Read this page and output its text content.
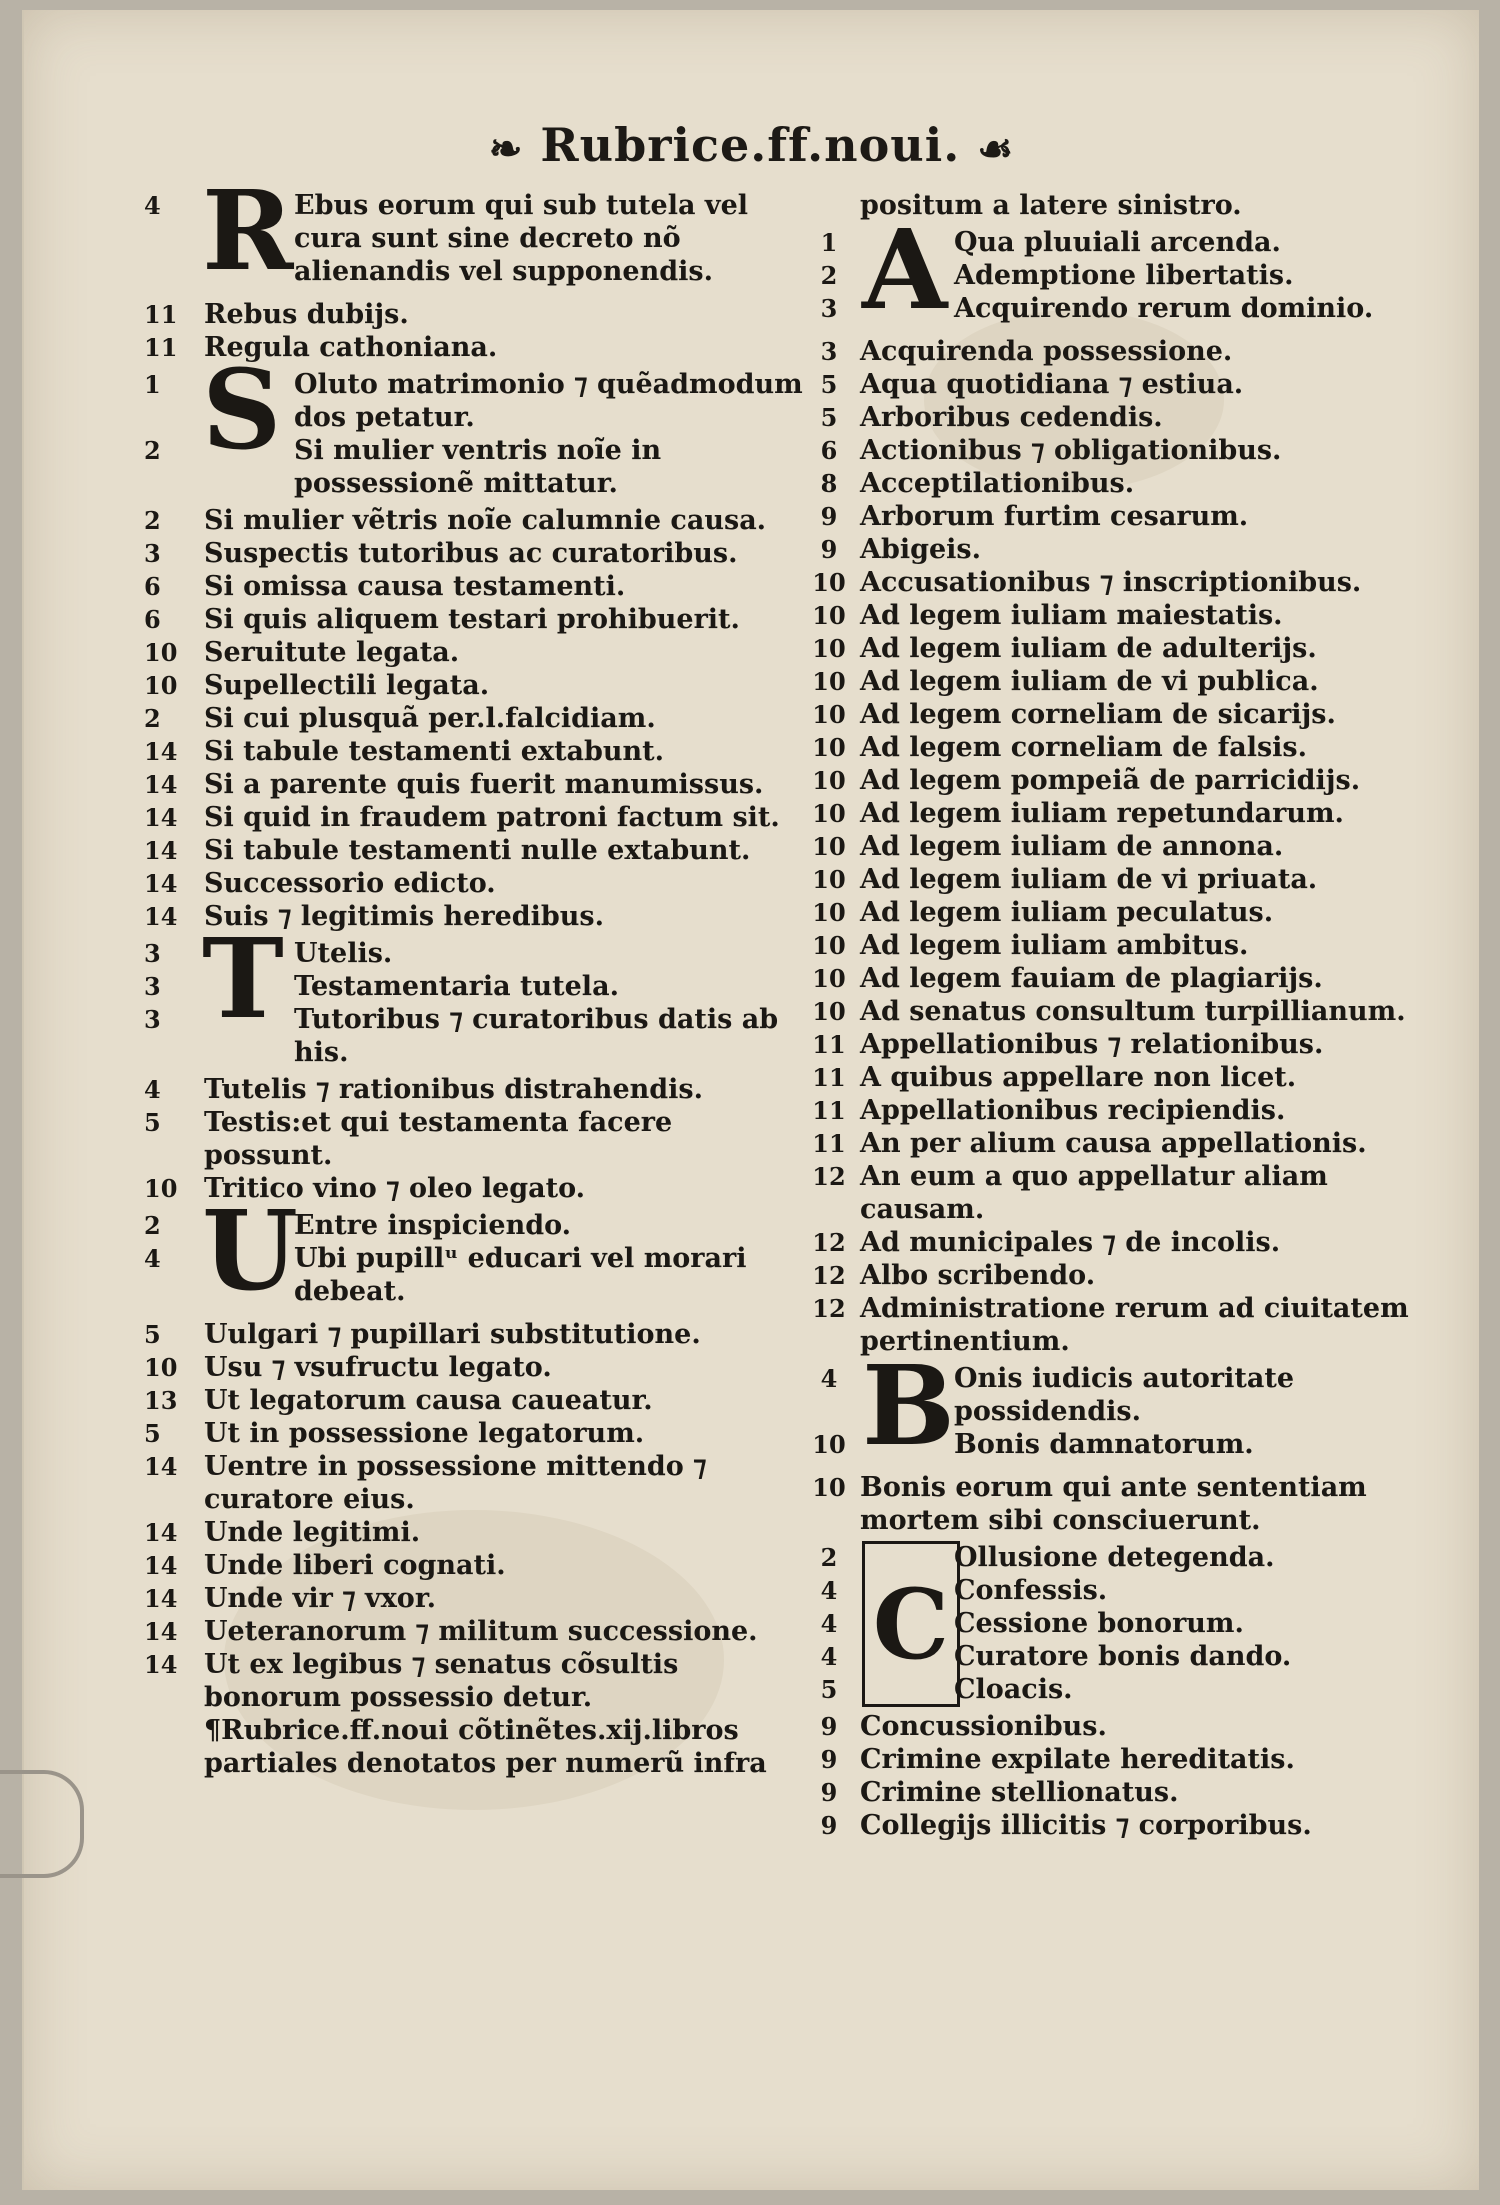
❧ Rubrice.ff.noui. ☙
R
4	Ebus eorum qui sub tutela vel cura sunt sine decreto nõ alienandis vel supponendis.
11 Rebus dubijs.
11 Regula cathoniana.
S
1	Oluto matrimonio ⁊ quẽadmodum dos petatur.
2	Si mulier ventris noĩe in possessionẽ mittatur.
2	Si mulier vẽtris noĩe calumnie causa.
3	Suspectis tutoribus ac curatoribus.
6	Si omissa causa testamenti.
6	Si quis aliquem testari prohibuerit.
10 Seruitute legata.
10 Supellectili legata.
2	Si cui plusquã per.l.falcidiam.
14 Si tabule testamenti extabunt.
14 Si a parente quis fuerit manumissus.
14 Si quid in fraudem patroni factum sit.
14 Si tabule testamenti nulle extabunt.
14 Successorio edicto.
14 Suis ⁊ legitimis heredibus.
T
3	Utelis.
3	Testamentaria tutela.
3	Tutoribus ⁊ curatoribus datis ab his.
4	Tutelis ⁊ rationibus distrahendis.
5	Testis:et qui testamenta facere possunt.
10 Tritico vino ⁊ oleo legato.
U
2	Entre inspiciendo.
4	Ubi pupillᵘ educari vel morari debeat.
5	Uulgari ⁊ pupillari substitutione.
10 Usu ⁊ vsufructu legato.
13 Ut legatorum causa caueatur.
5	Ut in possessione legatorum.
14 Uentre in possessione mittendo ⁊ curatore eius.
14 Unde legitimi.
14 Unde liberi cognati.
14 Unde vir ⁊ vxor.
14 Ueteranorum ⁊ militum successione.
14 Ut ex legibus ⁊ senatus cõsultis bonorum possessio detur.
¶Rubrice.ff.noui cõtinẽtes.xij.libros partiales denotatos per numerũ infra
positum a latere sinistro.
A
1	Qua pluuiali arcenda.
2	Ademptione libertatis.
3	Acquirendo rerum dominio.
3 Acquirenda possessione.
5 Aqua quotidiana ⁊ estiua.
5 Arboribus cedendis.
6 Actionibus ⁊ obligationibus.
8 Acceptilationibus.
9 Arborum furtim cesarum.
9 Abigeis.
10 Accusationibus ⁊ inscriptionibus.
10 Ad legem iuliam maiestatis.
10 Ad legem iuliam de adulterijs.
10 Ad legem iuliam de vi publica.
10 Ad legem corneliam de sicarijs.
10 Ad legem corneliam de falsis.
10 Ad legem pompeiã de parricidijs.
10 Ad legem iuliam repetundarum.
10 Ad legem iuliam de annona.
10 Ad legem iuliam de vi priuata.
10 Ad legem iuliam peculatus.
10 Ad legem iuliam ambitus.
10 Ad legem fauiam de plagiarijs.
10 Ad senatus consultum turpillianum.
11 Appellationibus ⁊ relationibus.
11 A quibus appellare non licet.
11 Appellationibus recipiendis.
11 An per alium causa appellationis.
12 An eum a quo appellatur aliam causam.
12 Ad municipales ⁊ de incolis.
12 Albo scribendo.
12 Administratione rerum ad ciuitatem pertinentium.
B
4	Onis iudicis autoritate possidendis.
10	Bonis damnatorum.
10 Bonis eorum qui ante sententiam mortem sibi consciuerunt.
C
2	Ollusione detegenda.
4	Confessis.
4	Cessione bonorum.
4	Curatore bonis dando.
5	Cloacis.
9 Concussionibus.
9 Crimine expilate hereditatis.
9 Crimine stellionatus.
9 Collegijs illicitis ⁊ corporibus.
